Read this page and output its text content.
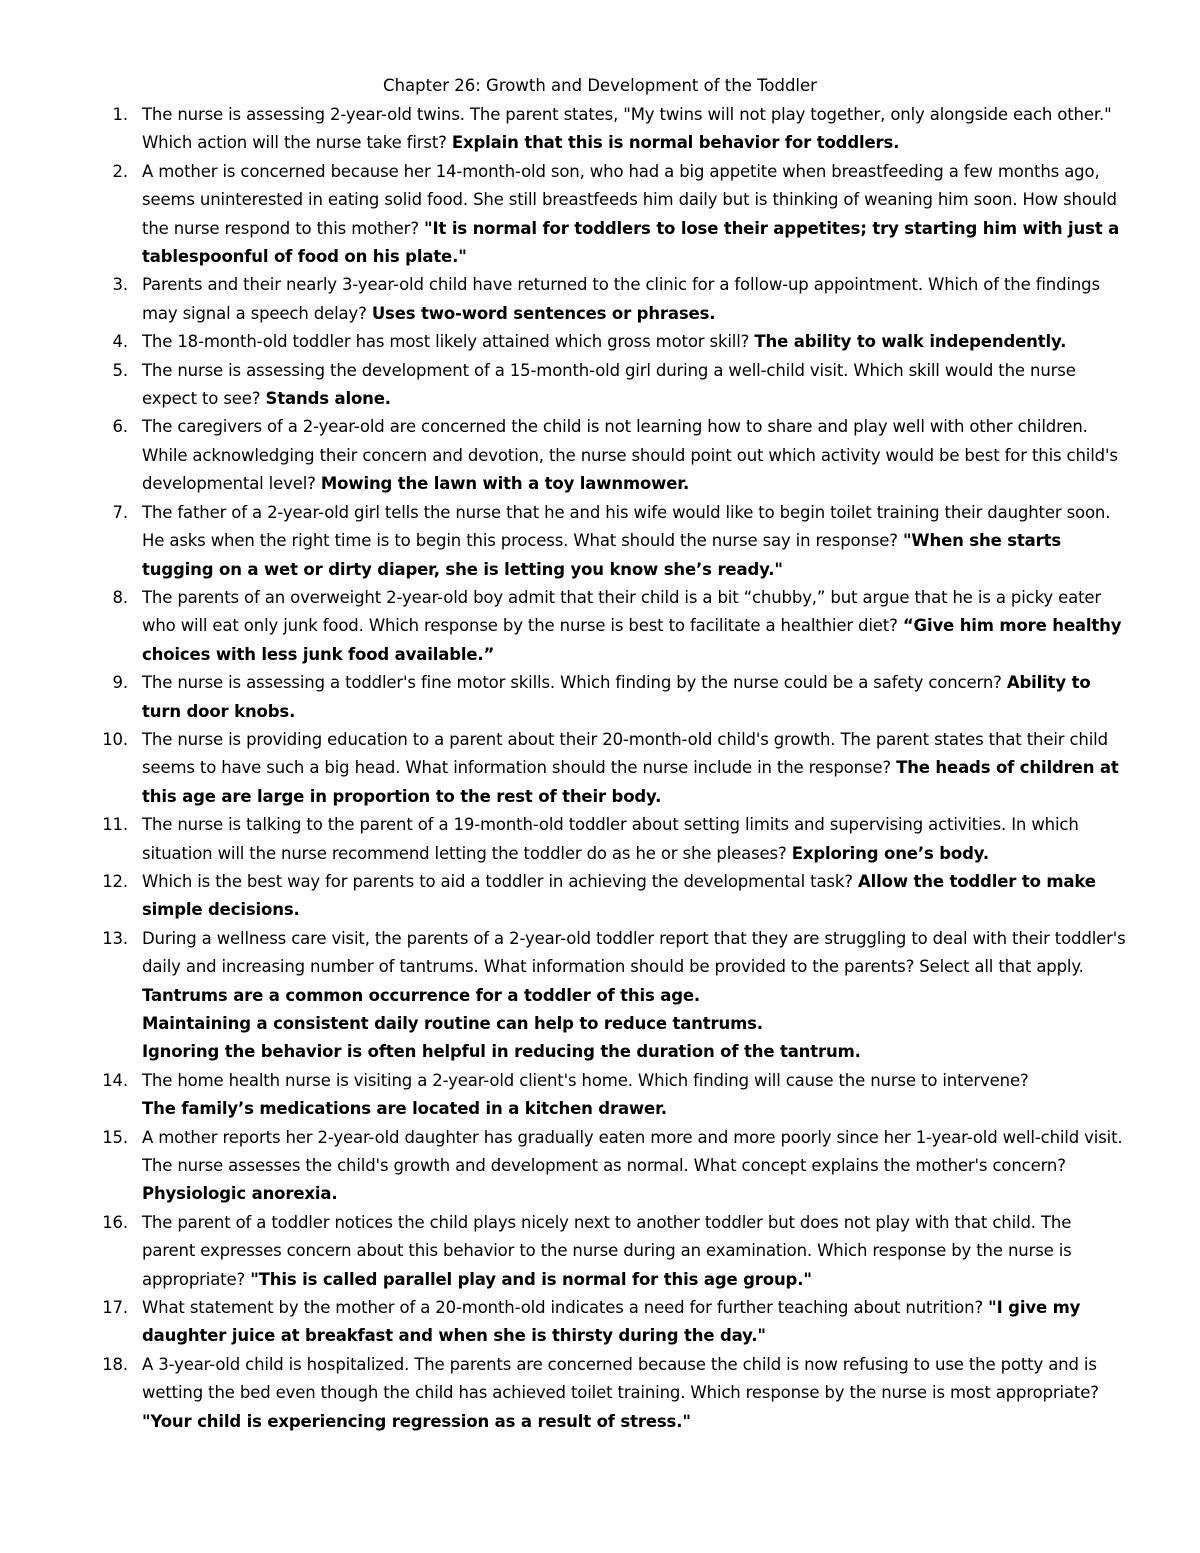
Chapter 26: Growth and Development of the Toddler
1. The nurse is assessing 2-year-old twins. The parent states, "My twins will not play together, only alongside each other." Which action will the nurse take first? Explain that this is normal behavior for toddlers.
2. A mother is concerned because her 14-month-old son, who had a big appetite when breastfeeding a few months ago, seems uninterested in eating solid food. She still breastfeeds him daily but is thinking of weaning him soon. How should the nurse respond to this mother? "It is normal for toddlers to lose their appetites; try starting him with just a tablespoonful of food on his plate."
3. Parents and their nearly 3-year-old child have returned to the clinic for a follow-up appointment. Which of the findings may signal a speech delay? Uses two-word sentences or phrases.
4. The 18-month-old toddler has most likely attained which gross motor skill? The ability to walk independently.
5. The nurse is assessing the development of a 15-month-old girl during a well-child visit. Which skill would the nurse expect to see? Stands alone.
6. The caregivers of a 2-year-old are concerned the child is not learning how to share and play well with other children. While acknowledging their concern and devotion, the nurse should point out which activity would be best for this child's developmental level? Mowing the lawn with a toy lawnmower.
7. The father of a 2-year-old girl tells the nurse that he and his wife would like to begin toilet training their daughter soon. He asks when the right time is to begin this process. What should the nurse say in response? "When she starts tugging on a wet or dirty diaper, she is letting you know she’s ready."
8. The parents of an overweight 2-year-old boy admit that their child is a bit “chubby,” but argue that he is a picky eater who will eat only junk food. Which response by the nurse is best to facilitate a healthier diet? “Give him more healthy choices with less junk food available.”
9. The nurse is assessing a toddler's fine motor skills. Which finding by the nurse could be a safety concern? Ability to turn door knobs.
10. The nurse is providing education to a parent about their 20-month-old child's growth. The parent states that their child seems to have such a big head. What information should the nurse include in the response? The heads of children at this age are large in proportion to the rest of their body.
11. The nurse is talking to the parent of a 19-month-old toddler about setting limits and supervising activities. In which situation will the nurse recommend letting the toddler do as he or she pleases? Exploring one’s body.
12. Which is the best way for parents to aid a toddler in achieving the developmental task? Allow the toddler to make simple decisions.
13. During a wellness care visit, the parents of a 2-year-old toddler report that they are struggling to deal with their toddler's daily and increasing number of tantrums. What information should be provided to the parents? Select all that apply.
Tantrums are a common occurrence for a toddler of this age.
Maintaining a consistent daily routine can help to reduce tantrums.
Ignoring the behavior is often helpful in reducing the duration of the tantrum.
14. The home health nurse is visiting a 2-year-old client's home. Which finding will cause the nurse to intervene?
The family’s medications are located in a kitchen drawer.
15. A mother reports her 2-year-old daughter has gradually eaten more and more poorly since her 1-year-old well-child visit. The nurse assesses the child's growth and development as normal. What concept explains the mother's concern? Physiologic anorexia.
16. The parent of a toddler notices the child plays nicely next to another toddler but does not play with that child. The parent expresses concern about this behavior to the nurse during an examination. Which response by the nurse is appropriate? "This is called parallel play and is normal for this age group."
17. What statement by the mother of a 20-month-old indicates a need for further teaching about nutrition? "I give my daughter juice at breakfast and when she is thirsty during the day."
18. A 3-year-old child is hospitalized. The parents are concerned because the child is now refusing to use the potty and is wetting the bed even though the child has achieved toilet training. Which response by the nurse is most appropriate? "Your child is experiencing regression as a result of stress."
